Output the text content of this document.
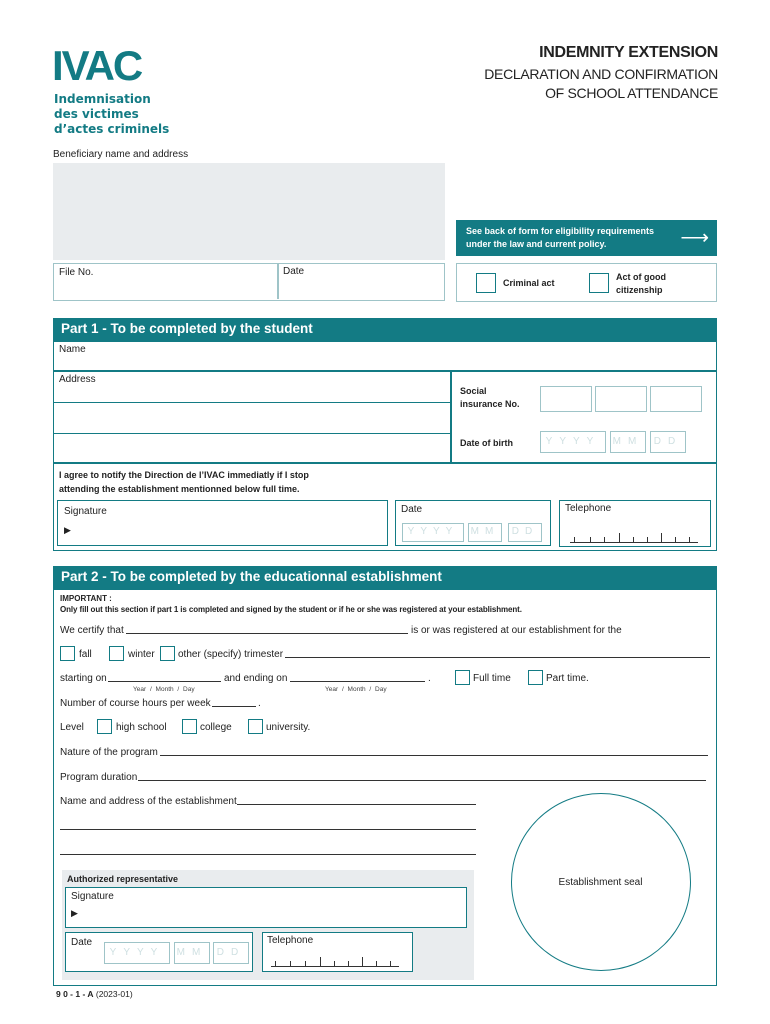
IVAC
Indemnisation
des victimes
d’actes criminels
INDEMNITY EXTENSION
DECLARATION AND CONFIRMATION
OF SCHOOL ATTENDANCE
Beneficiary name and address
File No.	Date
See back of form for eligibility requirements
under the law and current policy.	⟶
Criminal act
Act of good
citizenship
Part 1 - To be completed by the student
Name
Address
Social
insurance No.
Date of birth	YYYY	MM	DD
I agree to notify the Direction de l’IVAC immediatly if I stop
attending the establishment mentionned below full time.
Signature
▶
Date
YYYY	MM	DD
Telephone
Part 2 - To be completed by the educationnal establishment
IMPORTANT :
Only fill out this section if part 1 is completed and signed by the student or if he or she was registered at your establishment.
We certify that	is or was registered at our establishment for the
fall	winter other (specify) trimester
starting on
Year / Month / Day
and ending on	.
Year / Month / Day
Full time	Part time.
Number of course hours per week	.
Level	high school	college	university.
Nature of the program
Program duration
Name and address of the establishment
Establishment seal
Authorized representative
Signature
▶
Date
YYYY	MM DD
Telephone
9 0 - 1 - A (2023-01)
